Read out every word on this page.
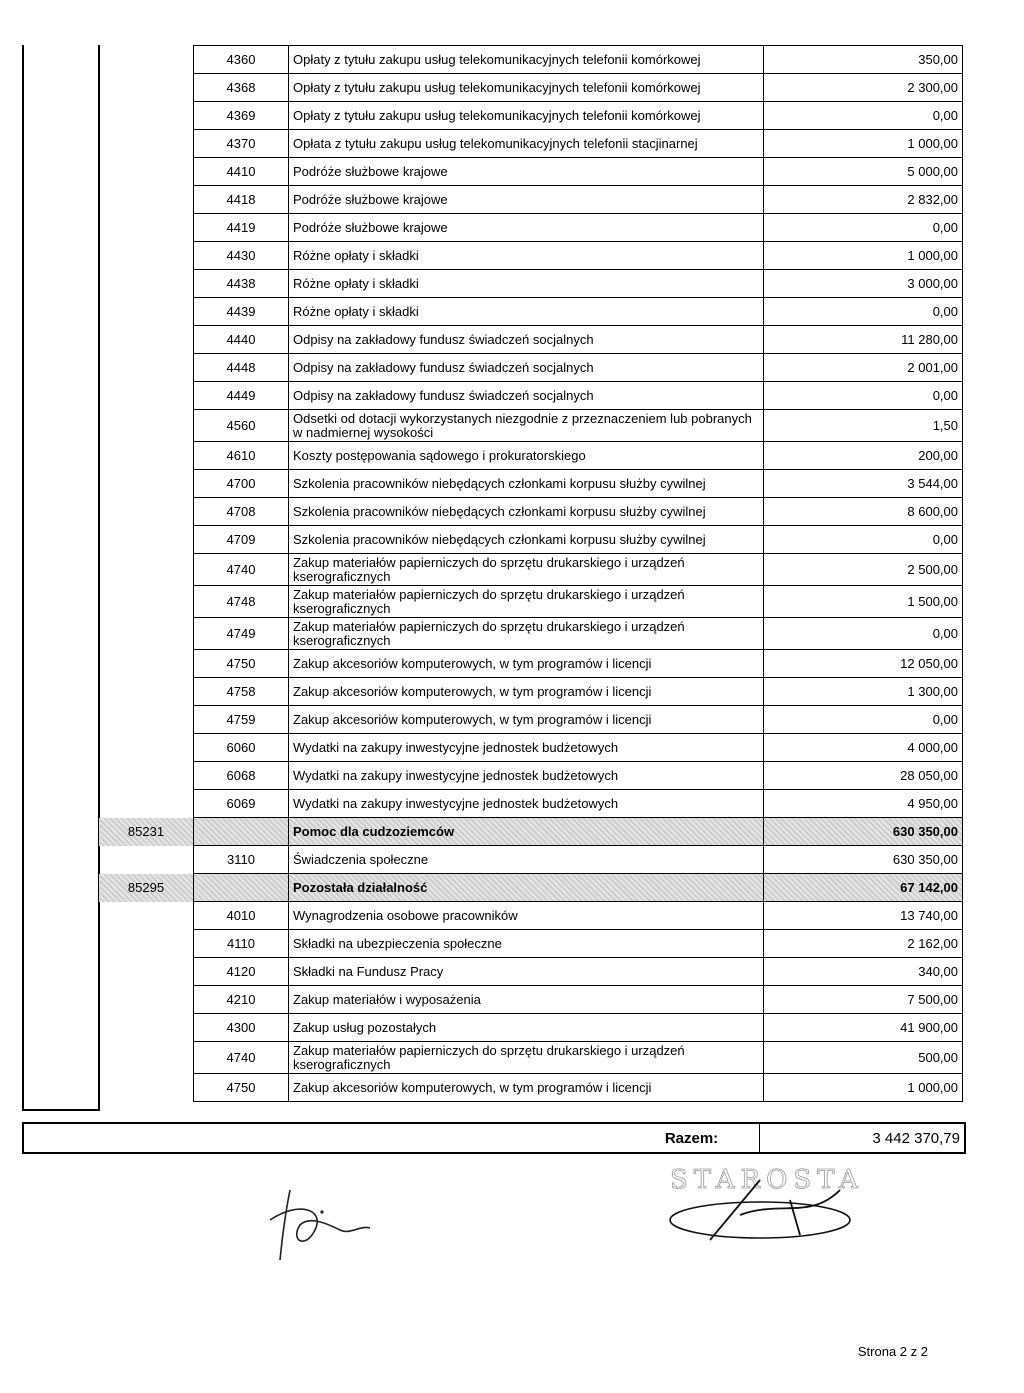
	4360	Opłaty z tytułu zakupu usług telekomunikacyjnych telefonii komórkowej	350,00
	4368	Opłaty z tytułu zakupu usług telekomunikacyjnych telefonii komórkowej	2 300,00
	4369	Opłaty z tytułu zakupu usług telekomunikacyjnych telefonii komórkowej	0,00
	4370	Opłata z tytułu zakupu usług telekomunikacyjnych telefonii stacjinarnej	1 000,00
	4410	Podróże służbowe krajowe	5 000,00
	4418	Podróże służbowe krajowe	2 832,00
	4419	Podróże służbowe krajowe	0,00
	4430	Różne opłaty i składki	1 000,00
	4438	Różne opłaty i składki	3 000,00
	4439	Różne opłaty i składki	0,00
	4440	Odpisy na zakładowy fundusz świadczeń socjalnych	11 280,00
	4448	Odpisy na zakładowy fundusz świadczeń socjalnych	2 001,00
	4449	Odpisy na zakładowy fundusz świadczeń socjalnych	0,00
	4560	Odsetki od dotacji wykorzystanych niezgodnie z przeznaczeniem lub pobranych w nadmiernej wysokości	1,50
	4610	Koszty postępowania sądowego i prokuratorskiego	200,00
	4700	Szkolenia pracowników niebędących członkami korpusu służby cywilnej	3 544,00
	4708	Szkolenia pracowników niebędących członkami korpusu służby cywilnej	8 600,00
	4709	Szkolenia pracowników niebędących członkami korpusu służby cywilnej	0,00
	4740	Zakup materiałów papierniczych do sprzętu drukarskiego i urządzeń kserograficznych	2 500,00
	4748	Zakup materiałów papierniczych do sprzętu drukarskiego i urządzeń kserograficznych	1 500,00
	4749	Zakup materiałów papierniczych do sprzętu drukarskiego i urządzeń kserograficznych	0,00
	4750	Zakup akcesoriów komputerowych, w tym programów i licencji	12 050,00
	4758	Zakup akcesoriów komputerowych, w tym programów i licencji	1 300,00
	4759	Zakup akcesoriów komputerowych, w tym programów i licencji	0,00
	6060	Wydatki na zakupy inwestycyjne jednostek budżetowych	4 000,00
	6068	Wydatki na zakupy inwestycyjne jednostek budżetowych	28 050,00
	6069	Wydatki na zakupy inwestycyjne jednostek budżetowych	4 950,00
85231		Pomoc dla cudzoziemców	630 350,00
	3110	Świadczenia społeczne	630 350,00
85295		Pozostała działalność	67 142,00
	4010	Wynagrodzenia osobowe pracowników	13 740,00
	4110	Składki na ubezpieczenia społeczne	2 162,00
	4120	Składki na Fundusz Pracy	340,00
	4210	Zakup materiałów i wyposażenia	7 500,00
	4300	Zakup usług pozostałych	41 900,00
	4740	Zakup materiałów papierniczych do sprzętu drukarskiego i urządzeń kserograficznych	500,00
	4750	Zakup akcesoriów komputerowych, w tym programów i licencji	1 000,00
Razem:	3 442 370,79
STAROSTA
Strona 2 z 2
